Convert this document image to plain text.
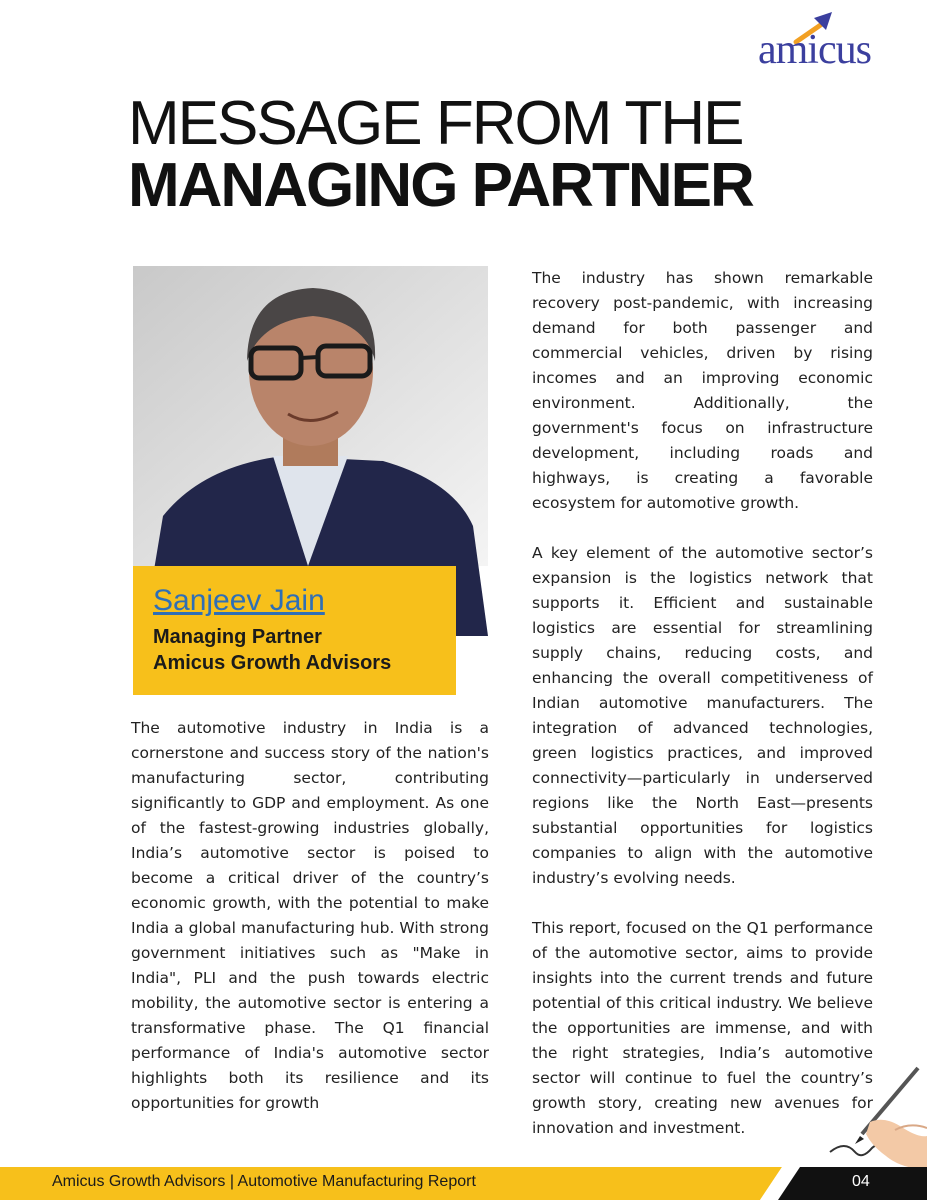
amicus
MESSAGE FROM THE
MANAGING PARTNER
Sanjeev Jain
Managing Partner
Amicus Growth Advisors

The automotive industry in India is a cornerstone and success story of the nation's manufacturing sector, contributing significantly to GDP and employment. As one of the fastest-growing industries globally, India’s automotive sector is poised to become a critical driver of the country’s economic growth, with the potential to make India a global manufacturing hub. With strong government initiatives such as "Make in India", PLI and the push towards electric mobility, the automotive sector is entering a transformative phase. The Q1 financial performance of India's automotive sector highlights both its resilience and its opportunities for growth

The industry has shown remarkable recovery post-pandemic, with increasing demand for both passenger and commercial vehicles, driven by rising incomes and an improving economic environment. Additionally, the government's focus on infrastructure development, including roads and highways, is creating a favorable ecosystem for automotive growth.

A key element of the automotive sector’s expansion is the logistics network that supports it. Efficient and sustainable logistics are essential for streamlining supply chains, reducing costs, and enhancing the overall competitiveness of Indian automotive manufacturers. The integration of advanced technologies, green logistics practices, and improved connectivity—particularly in underserved regions like the North East—presents substantial opportunities for logistics companies to align with the automotive industry’s evolving needs.

This report, focused on the Q1 performance of the automotive sector, aims to provide insights into the current trends and future potential of this critical industry. We believe the opportunities are immense, and with the right strategies, India’s automotive sector will continue to fuel the country’s growth story, creating new avenues for innovation and investment.

Amicus Growth Advisors | Automotive Manufacturing Report	04
